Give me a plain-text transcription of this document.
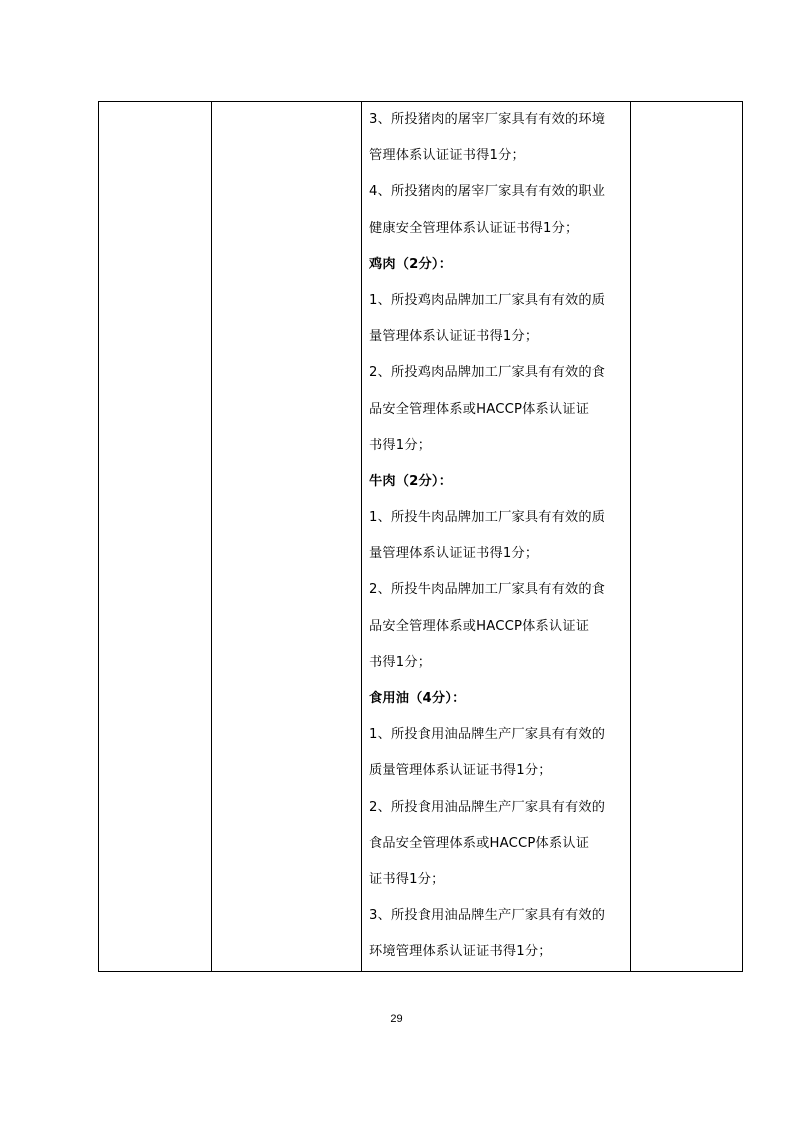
3、所投猪肉的屠宰厂家具有有效的环境
管理体系认证证书得1分；
4、所投猪肉的屠宰厂家具有有效的职业
健康安全管理体系认证证书得1分；
鸡肉（2分）：
1、所投鸡肉品牌加工厂家具有有效的质
量管理体系认证证书得1分；
2、所投鸡肉品牌加工厂家具有有效的食
品安全管理体系或HACCP体系认证证
书得1分；
牛肉（2分）：
1、所投牛肉品牌加工厂家具有有效的质
量管理体系认证证书得1分；
2、所投牛肉品牌加工厂家具有有效的食
品安全管理体系或HACCP体系认证证
书得1分；
食用油（4分）：
1、所投食用油品牌生产厂家具有有效的
质量管理体系认证证书得1分；
2、所投食用油品牌生产厂家具有有效的
食品安全管理体系或HACCP体系认证
证书得1分；
3、所投食用油品牌生产厂家具有有效的
环境管理体系认证证书得1分；

29
